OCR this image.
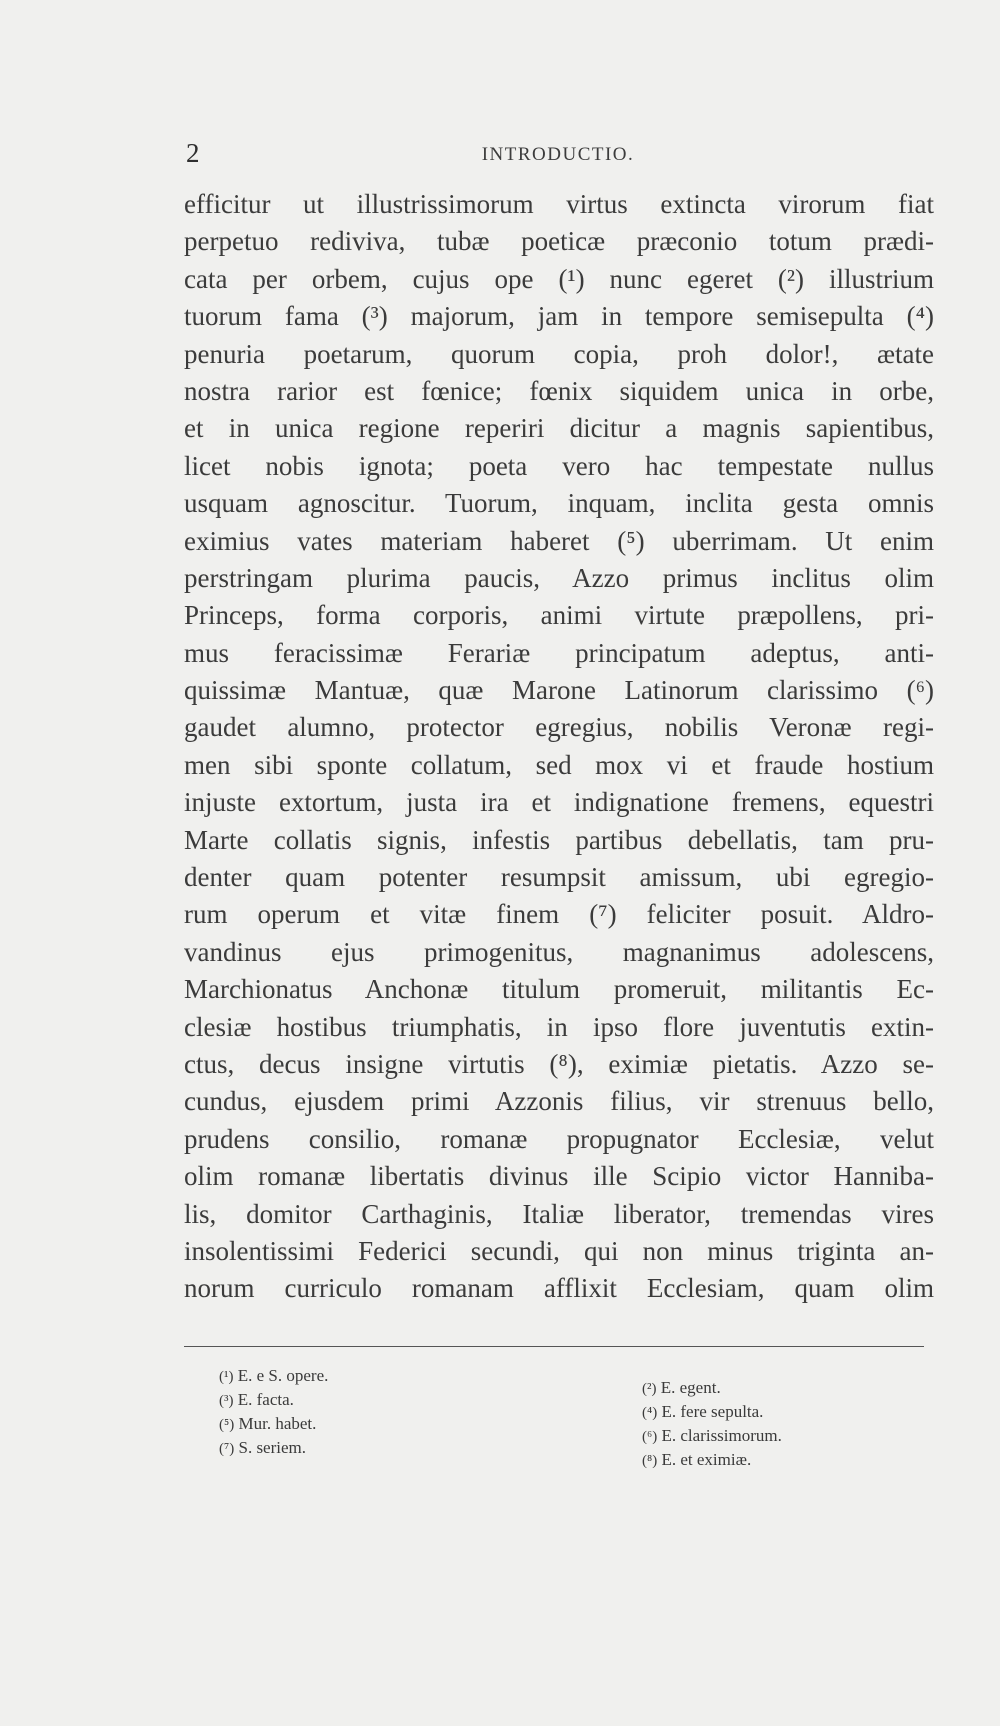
2	INTRODUCTIO.
efficitur ut illustrissimorum virtus extincta virorum fiat
perpetuo rediviva, tubæ poeticæ præconio totum prædi-
cata per orbem, cujus ope (¹) nunc egeret (²) illustrium
tuorum fama (³) majorum, jam in tempore semisepulta (⁴)
penuria poetarum, quorum copia, proh dolor!, ætate
nostra rarior est fœnice; fœnix siquidem unica in orbe,
et in unica regione reperiri dicitur a magnis sapientibus,
licet nobis ignota; poeta vero hac tempestate nullus
usquam agnoscitur. Tuorum, inquam, inclita gesta omnis
eximius vates materiam haberet (⁵) uberrimam. Ut enim
perstringam plurima paucis, Azzo primus inclitus olim
Princeps, forma corporis, animi virtute præpollens, pri-
mus feracissimæ Ferariæ principatum adeptus, anti-
quissimæ Mantuæ, quæ Marone Latinorum clarissimo (⁶)
gaudet alumno, protector egregius, nobilis Veronæ regi-
men sibi sponte collatum, sed mox vi et fraude hostium
injuste extortum, justa ira et indignatione fremens, equestri
Marte collatis signis, infestis partibus debellatis, tam pru-
denter quam potenter resumpsit amissum, ubi egregio-
rum operum et vitæ finem (⁷) feliciter posuit. Aldro-
vandinus ejus primogenitus, magnanimus adolescens,
Marchionatus Anchonæ titulum promeruit, militantis Ec-
clesiæ hostibus triumphatis, in ipso flore juventutis extin-
ctus, decus insigne virtutis (⁸), eximiæ pietatis. Azzo se-
cundus, ejusdem primi Azzonis filius, vir strenuus bello,
prudens consilio, romanæ propugnator Ecclesiæ, velut
olim romanæ libertatis divinus ille Scipio victor Hanniba-
lis, domitor Carthaginis, Italiæ liberator, tremendas vires
insolentissimi Federici secundi, qui non minus triginta an-
norum curriculo romanam afflixit Ecclesiam, quam olim
(¹) E. e S. opere.
(³) E. facta.
(⁵) Mur. habet.
(⁷) S. seriem.
(²) E. egent.
(⁴) E. fere sepulta.
(⁶) E. clarissimorum.
(⁸) E. et eximiæ.
